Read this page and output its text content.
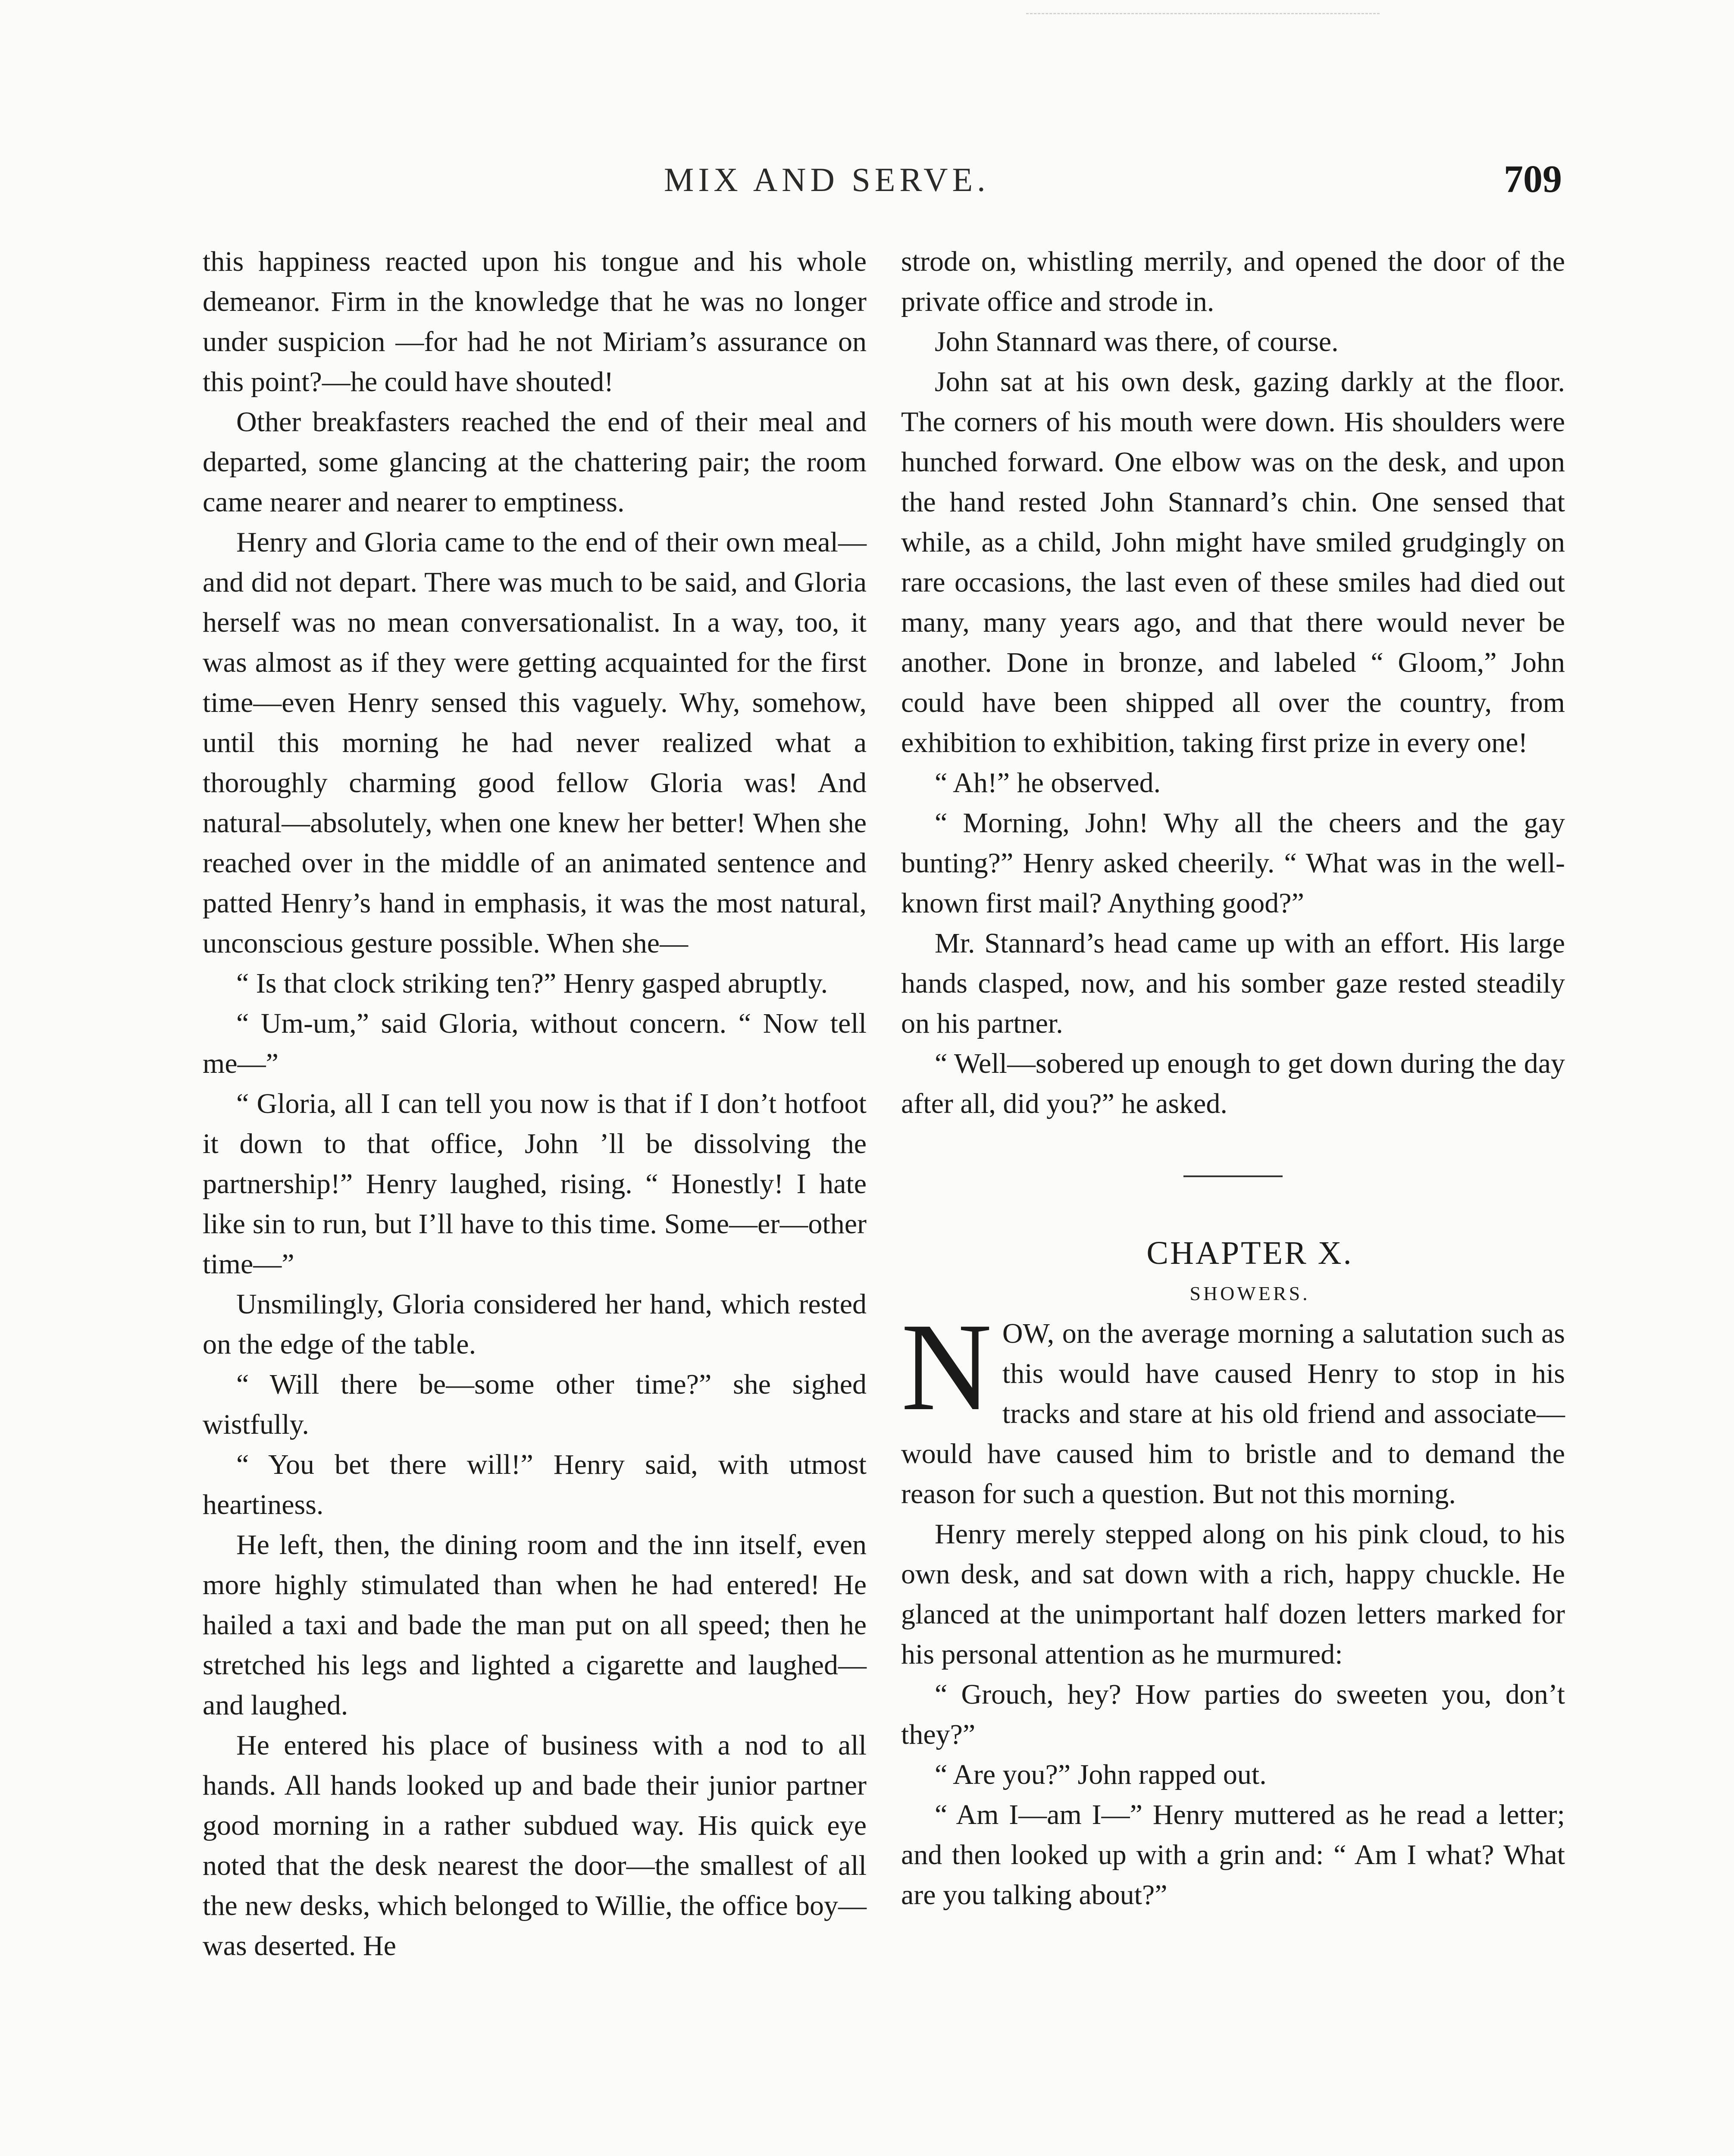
MIX AND SERVE.	709

this happiness reacted upon his tongue and his whole demeanor. Firm in the knowledge that he was no longer under suspicion —for had he not Miriam’s assurance on this point?—he could have shouted!

Other breakfasters reached the end of their meal and departed, some glancing at the chattering pair; the room came nearer and nearer to emptiness.

Henry and Gloria came to the end of their own meal—and did not depart. There was much to be said, and Gloria herself was no mean conversationalist. In a way, too, it was almost as if they were getting acquainted for the first time—even Henry sensed this vaguely. Why, somehow, until this morning he had never realized what a thoroughly charming good fellow Gloria was! And natural—absolutely, when one knew her better! When she reached over in the middle of an animated sentence and patted Henry’s hand in emphasis, it was the most natural, unconscious gesture possible. When she—

“ Is that clock striking ten?” Henry gasped abruptly.

“ Um-um,” said Gloria, without concern. “ Now tell me—”

“ Gloria, all I can tell you now is that if I don’t hotfoot it down to that office, John ’ll be dissolving the partnership!” Henry laughed, rising. “ Honestly! I hate like sin to run, but I’ll have to this time. Some—er—other time—”

Unsmilingly, Gloria considered her hand, which rested on the edge of the table.

“ Will there be—some other time?” she sighed wistfully.

“ You bet there will!” Henry said, with utmost heartiness.

He left, then, the dining room and the inn itself, even more highly stimulated than when he had entered! He hailed a taxi and bade the man put on all speed; then he stretched his legs and lighted a cigarette and laughed—and laughed.

He entered his place of business with a nod to all hands. All hands looked up and bade their junior partner good morning in a rather subdued way. His quick eye noted that the desk nearest the door—the smallest of all the new desks, which belonged to Willie, the office boy—was deserted. He

strode on, whistling merrily, and opened the door of the private office and strode in.

John Stannard was there, of course.

John sat at his own desk, gazing darkly at the floor. The corners of his mouth were down. His shoulders were hunched forward. One elbow was on the desk, and upon the hand rested John Stannard’s chin. One sensed that while, as a child, John might have smiled grudgingly on rare occasions, the last even of these smiles had died out many, many years ago, and that there would never be another. Done in bronze, and labeled “ Gloom,” John could have been shipped all over the country, from exhibition to exhibition, taking first prize in every one!

“ Ah!” he observed.

“ Morning, John! Why all the cheers and the gay bunting?” Henry asked cheerily. “ What was in the well-known first mail? Anything good?”

Mr. Stannard’s head came up with an effort. His large hands clasped, now, and his somber gaze rested steadily on his partner.

“ Well—sobered up enough to get down during the day after all, did you?” he asked.

CHAPTER X.

SHOWERS.

NOW, on the average morning a salutation such as this would have caused Henry to stop in his tracks and stare at his old friend and associate—would have caused him to bristle and to demand the reason for such a question. But not this morning.

Henry merely stepped along on his pink cloud, to his own desk, and sat down with a rich, happy chuckle. He glanced at the unimportant half dozen letters marked for his personal attention as he murmured:

“ Grouch, hey? How parties do sweeten you, don’t they?”

“ Are you?” John rapped out.

“ Am I—am I—” Henry muttered as he read a letter; and then looked up with a grin and: “ Am I what? What are you talking about?”
